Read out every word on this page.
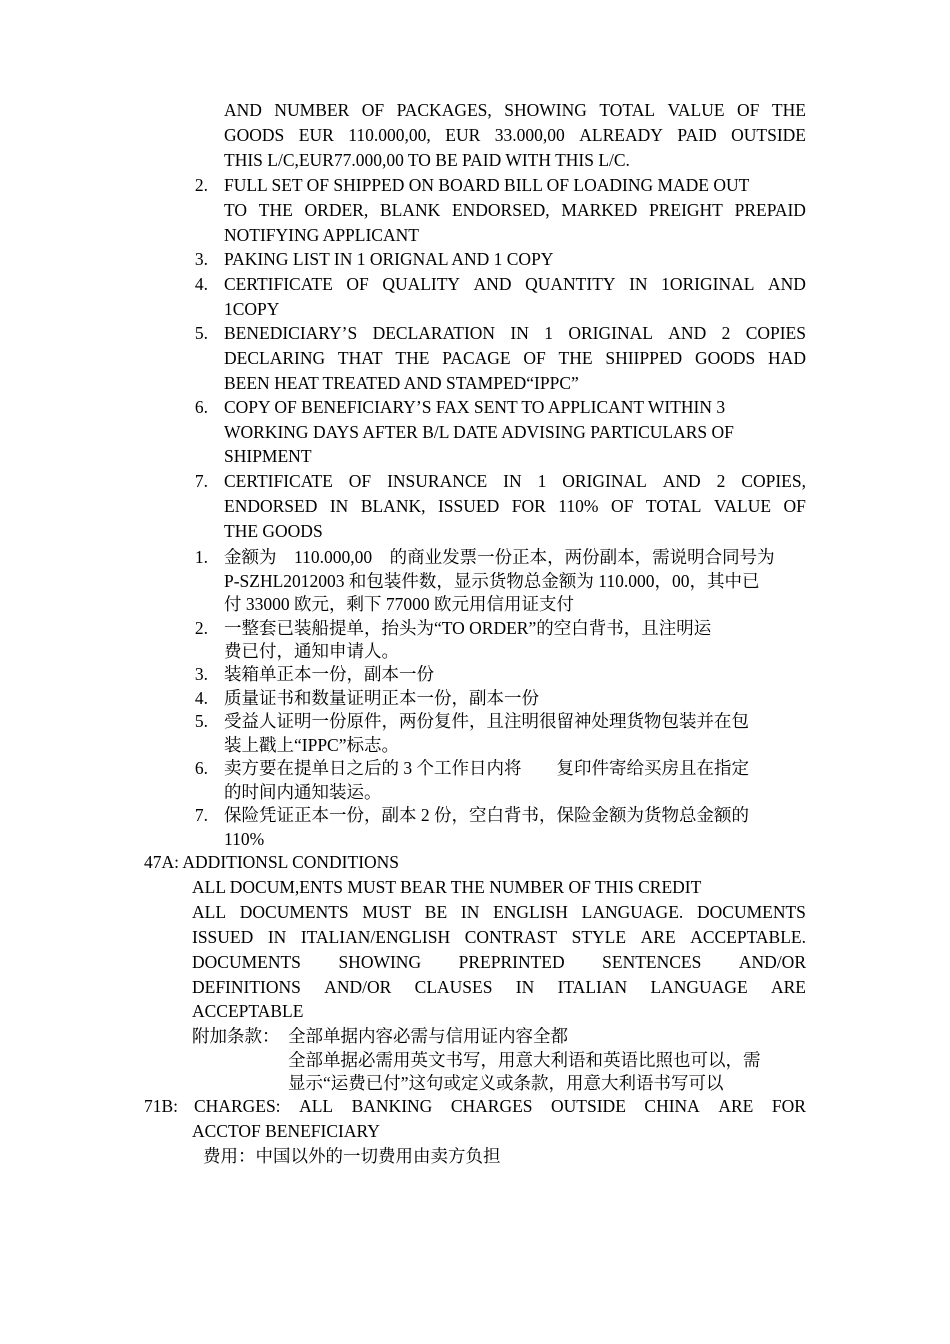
AND NUMBER OF PACKAGES, SHOWING TOTAL VALUE OF THE
GOODS EUR 110.000,00, EUR 33.000,00 ALREADY PAID OUTSIDE
THIS L/C,EUR77.000,00 TO BE PAID WITH THIS L/C.
2. FULL SET OF SHIPPED ON BOARD BILL OF LOADING MADE OUT
TO THE ORDER, BLANK ENDORSED, MARKED PREIGHT PREPAID
NOTIFYING APPLICANT
3. PAKING LIST IN 1 ORIGNAL AND 1 COPY
4. CERTIFICATE OF QUALITY AND QUANTITY IN 1ORIGINAL AND
1COPY
5. BENEDICIARY’S DECLARATION IN 1 ORIGINAL AND 2 COPIES
DECLARING THAT THE PACAGE OF THE SHIIPPED GOODS HAD
BEEN HEAT TREATED AND STAMPED“IPPC”
6. COPY OF BENEFICIARY’S FAX SENT TO APPLICANT WITHIN 3
WORKING DAYS AFTER B/L DATE ADVISING PARTICULARS OF
SHIPMENT
7. CERTIFICATE OF INSURANCE IN 1 ORIGINAL AND 2 COPIES,
ENDORSED IN BLANK, ISSUED FOR 110% OF TOTAL VALUE OF
THE GOODS
1. 金额为　110.000,00　的商业发票一份正本，两份副本，需说明合同号为
P-SZHL2012003 和包装件数，显示货物总金额为 110.000，00，其中已
付 33000 欧元，剩下 77000 欧元用信用证支付
2. 一整套已装船提单，抬头为“TO ORDER”的空白背书，且注明运
费已付，通知申请人。
3. 装箱单正本一份，副本一份
4. 质量证书和数量证明正本一份，副本一份
5. 受益人证明一份原件，两份复件，且注明很留神处理货物包装并在包
装上戳上“IPPC”标志。
6. 卖方要在提单日之后的 3 个工作日内将　　复印件寄给买房且在指定
的时间内通知装运。
7. 保险凭证正本一份，副本 2 份，空白背书，保险金额为货物总金额的
110%
47A: ADDITIONSL CONDITIONS
ALL DOCUM,ENTS MUST BEAR THE NUMBER OF THIS CREDIT
ALL DOCUMENTS MUST BE IN ENGLISH LANGUAGE. DOCUMENTS
ISSUED IN ITALIAN/ENGLISH CONTRAST STYLE ARE ACCEPTABLE.
DOCUMENTS SHOWING PREPRINTED SENTENCES AND/OR
DEFINITIONS AND/OR CLAUSES IN ITALIAN LANGUAGE ARE
ACCEPTABLE
附加条款： 全部单据内容必需与信用证内容全都
全部单据必需用英文书写，用意大利语和英语比照也可以，需
显示“运费已付”这句或定义或条款，用意大利语书写可以
71B: CHARGES: ALL BANKING CHARGES OUTSIDE CHINA ARE FOR
ACCTOF BENEFICIARY
费用：中国以外的一切费用由卖方负担
